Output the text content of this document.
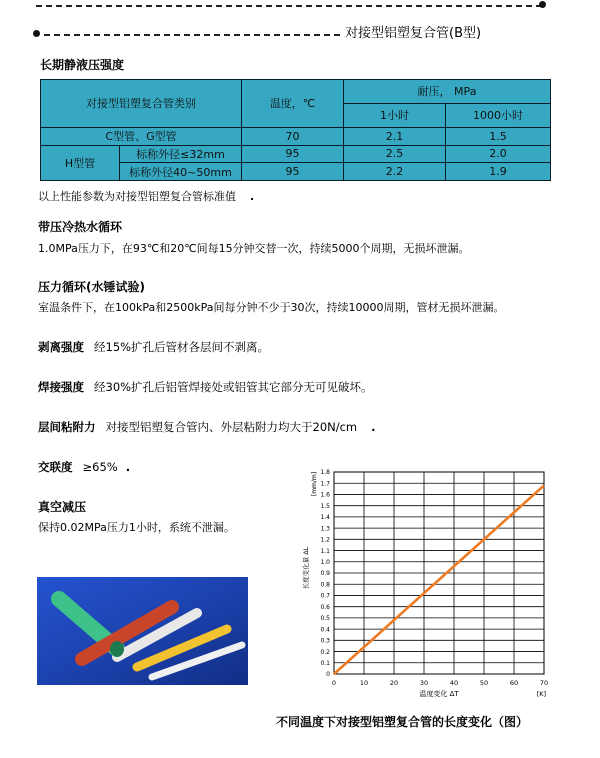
对接型铝塑复合管(B型)
长期静液压强度
对接型铝塑复合管类别		温度，℃	耐压， MPa	
			1小时	1000小时
C型管、G型管		70	2.1	1.5
H型管	标称外径≤32mm	95	2.5	2.0
	标称外径40~50mm	95	2.2	1.9
以上性能参数为对接型铝塑复合管标准值 .
带压冷热水循环
1.0MPa压力下，在93℃和20℃间每15分钟交替一次，持续5000个周期，无损坏泄漏。
压力循环(水锤试验)
室温条件下，在100kPa和2500kPa间每分钟不少于30次，持续10000周期，管材无损坏泄漏。
剥离强度 经15%扩孔后管材各层间不剥离。
焊接强度 经30%扩孔后铝管焊接处或铝管其它部分无可见破坏。
层间粘附力 对接型铝塑复合管内、外层粘附力均大于20N/cm .
交联度 ≥65% .
真空减压
保持0.02MPa压力1小时，系统不泄漏。
0	10	20	30	40	50	60	70
0
0.1
0.2
0.3
0.4
0.5
0.6
0.7
0.8
0.9
1.0
1.1
1.2
1.3
1.4
1.5
1.6
1.7
1.8
[K]
温度变化 ΔT
[mm/m]
长度变化量 ΔL
不同温度下对接型铝塑复合管的长度变化（图）
